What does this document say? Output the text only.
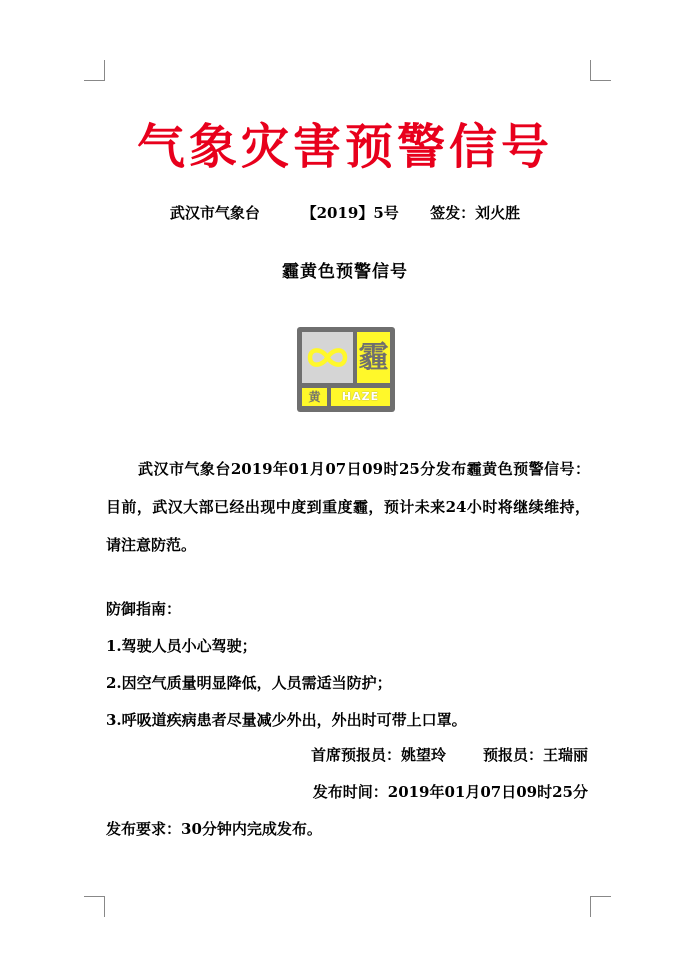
气象灾害预警信号
武汉市气象台	【2019】5号 签发：刘火胜
霾黄色预警信号
霾
黄	HAZE
武汉市气象台2019年01月07日09时25分发布霾黄色预警信号：目前，武汉大部已经出现中度到重度霾，预计未来24小时将继续维持，请注意防范。
防御指南：
1.驾驶人员小心驾驶；
2.因空气质量明显降低，人员需适当防护；
3.呼吸道疾病患者尽量减少外出，外出时可带上口罩。
首席预报员：姚望玲 预报员：王瑞丽
发布时间：2019年01月07日09时25分
发布要求：30分钟内完成发布。
